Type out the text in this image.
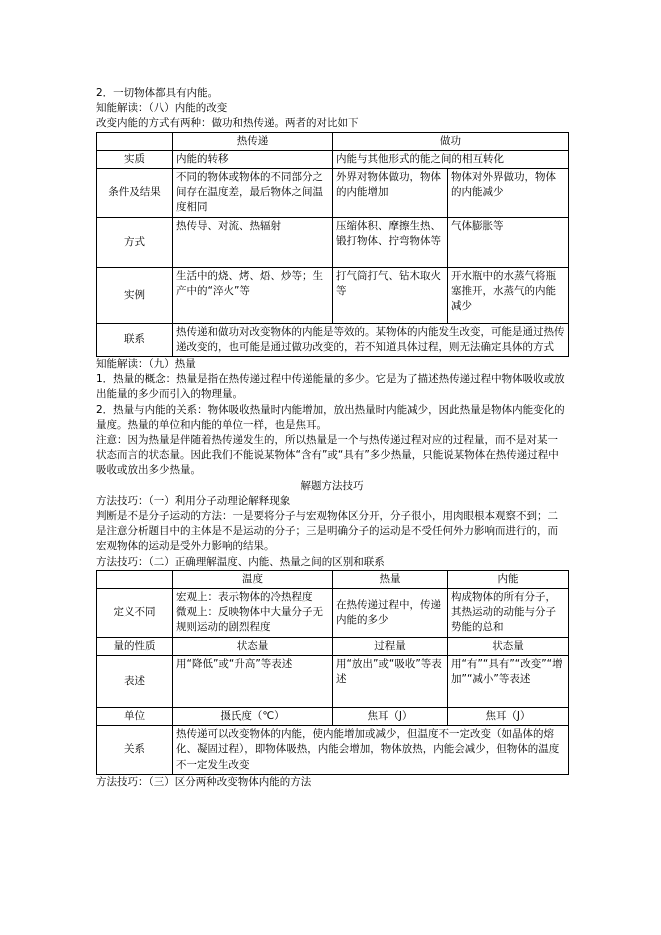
2．一切物体都具有内能。

知能解读：（八）内能的改变

改变内能的方式有两种：做功和热传递。两者的对比如下

	热传递	做功	
实质	内能的转移	内能与其他形式的能之间的相互转化	
条件及结果	不同的物体或物体的不同部分之间存在温度差，最后物体之间温度相同	外界对物体做功，物体的内能增加	物体对外界做功，物体的内能减少
方式	热传导、对流、热辐射	压缩体积、摩擦生热、锻打物体、拧弯物体等	气体膨胀等
实例	生活中的烧、烤、焐、炒等；生产中的“淬火”等	打气筒打气、钻木取火等	开水瓶中的水蒸气将瓶塞推开，水蒸气的内能减少
联系	热传递和做功对改变物体的内能是等效的。某物体的内能发生改变，可能是通过热传递改变的，也可能是通过做功改变的，若不知道具体过程，则无法确定具体的方式		

知能解读：（九）热量

1．热量的概念：热量是指在热传递过程中传递能量的多少。它是为了描述热传递过程中物体吸收或放出能量的多少而引入的物理量。

2．热量与内能的关系：物体吸收热量时内能增加，放出热量时内能减少，因此热量是物体内能变化的量度。热量的单位和内能的单位一样，也是焦耳。

注意：因为热量是伴随着热传递发生的，所以热量是一个与热传递过程对应的过程量，而不是对某一状态而言的状态量。因此我们不能说某物体“含有”或“具有”多少热量，只能说某物体在热传递过程中吸收或放出多少热量。

解题方法技巧

方法技巧：（一）利用分子动理论解释现象

判断是不是分子运动的方法：一是要将分子与宏观物体区分开，分子很小，用肉眼根本观察不到；二是注意分析题目中的主体是不是运动的分子；三是明确分子的运动是不受任何外力影响而进行的，而宏观物体的运动是受外力影响的结果。

方法技巧：（二）正确理解温度、内能、热量之间的区别和联系

	温度	热量	内能
定义不同	宏观上：表示物体的冷热程度
微观上：反映物体中大量分子无规则运动的剧烈程度	在热传递过程中，传递内能的多少	构成物体的所有分子，其热运动的动能与分子势能的总和
量的性质	状态量	过程量	状态量
表述	用“降低”或“升高”等表述	用“放出”或“吸收”等表述	用“有”“具有”“改变”“增加”“减小”等表述
单位	摄氏度（℃）	焦耳（J）	焦耳（J）
关系	热传递可以改变物体的内能，使内能增加或减少，但温度不一定改变（如晶体的熔化、凝固过程），即物体吸热，内能会增加，物体放热，内能会减少，但物体的温度不一定发生改变		

方法技巧：（三）区分两种改变物体内能的方法
